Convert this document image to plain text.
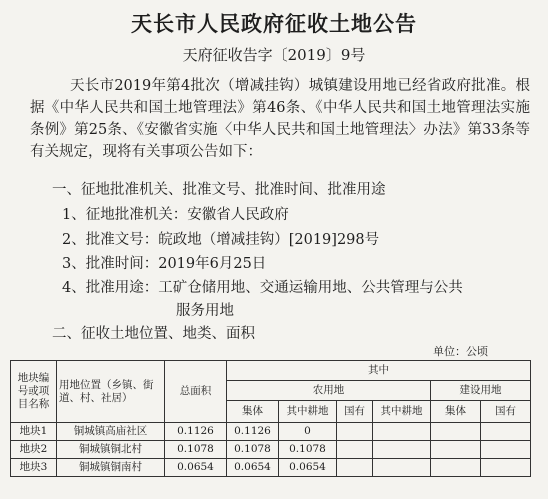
天长市人民政府征收土地公告
天府征收告字〔2019〕9号
天长市2019年第4批次（增减挂钩）城镇建设用地已经省政府批准。根据《中华人民共和国土地管理法》第46条、《中华人民共和国土地管理法实施条例》第25条、《安徽省实施〈中华人民共和国土地管理法〉办法》第33条等有关规定，现将有关事项公告如下：
一、征地批准机关、批准文号、批准时间、批准用途
1、征地批准机关：安徽省人民政府
2、批准文号：皖政地（增减挂钩）[2019]298号
3、批准时间：2019年6月25日
4、批准用途：工矿仓储用地、交通运输用地、公共管理与公共
服务用地
二、征收土地位置、地类、面积
单位：公顷
地块编号或项目名称	用地位置（乡镇、街道、村、社居）	总面积	其中					
			农用地				建设用地	
			集体	其中耕地	国有	其中耕地	集体	国有
地块1	铜城镇高庙社区	0.1126	0.1126	0				
地块2	铜城镇铜北村	0.1078	0.1078	0.1078				
地块3	铜城镇铜南村	0.0654	0.0654	0.0654				
